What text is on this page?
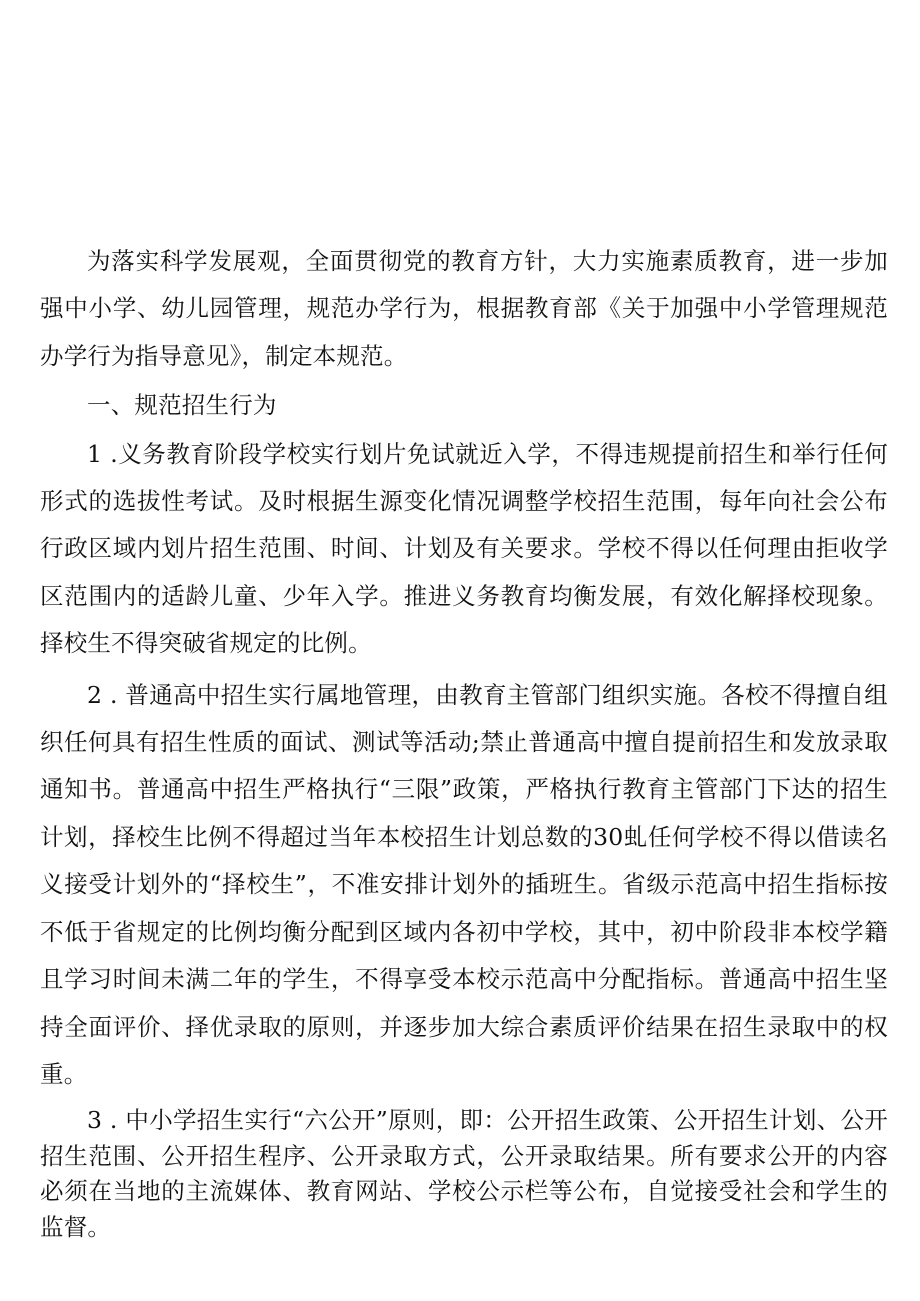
为落实科学发展观，全面贯彻党的教育方针，大力实施素质教育，进一步加强中小学、幼儿园管理，规范办学行为，根据教育部《关于加强中小学管理规范办学行为指导意见》，制定本规范。

一、规范招生行为

1 .义务教育阶段学校实行划片免试就近入学，不得违规提前招生和举行任何形式的选拔性考试。及时根据生源变化情况调整学校招生范围，每年向社会公布行政区域内划片招生范围、时间、计划及有关要求。学校不得以任何理由拒收学区范围内的适龄儿童、少年入学。推进义务教育均衡发展，有效化解择校现象。择校生不得突破省规定的比例。

2 . 普通高中招生实行属地管理，由教育主管部门组织实施。各校不得擅自组织任何具有招生性质的面试、测试等活动;禁止普通高中擅自提前招生和发放录取通知书。普通高中招生严格执行“三限”政策，严格执行教育主管部门下达的招生计划，择校生比例不得超过当年本校招生计划总数的30虬任何学校不得以借读名义接受计划外的“择校生”，不准安排计划外的插班生。省级示范高中招生指标按不低于省规定的比例均衡分配到区域内各初中学校，其中，初中阶段非本校学籍且学习时间未满二年的学生，不得享受本校示范高中分配指标。普通高中招生坚持全面评价、择优录取的原则，并逐步加大综合素质评价结果在招生录取中的权重。

3 . 中小学招生实行“六公开”原则，即：公开招生政策、公开招生计划、公开招生范围、公开招生程序、公开录取方式，公开录取结果。所有要求公开的内容必须在当地的主流媒体、教育网站、学校公示栏等公布，自觉接受社会和学生的监督。
